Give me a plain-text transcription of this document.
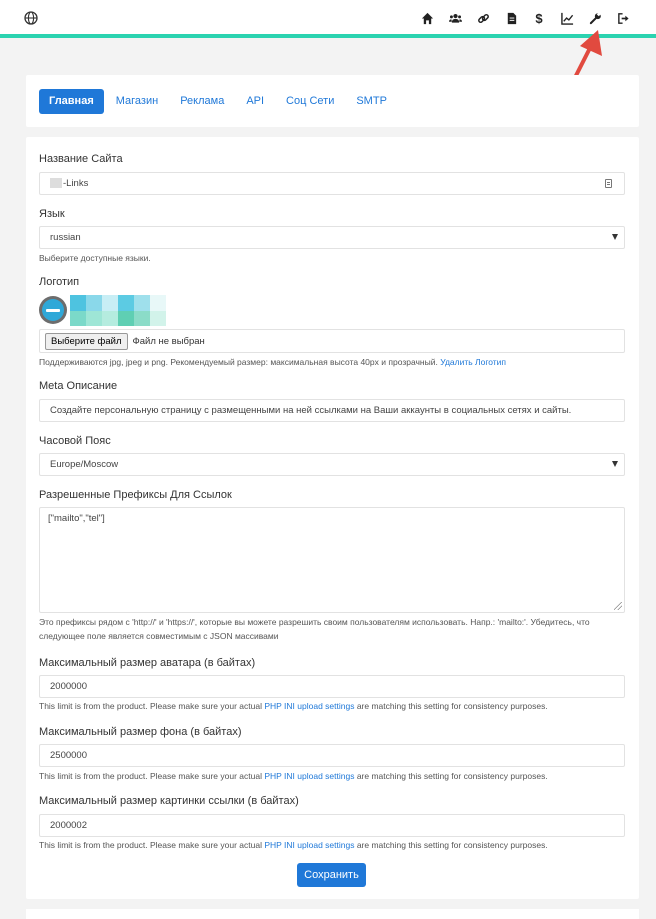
$
Главная	Магазин	Реклама	API	Соц Сети	SMTP
Название Сайта
-Links
Язык
russian
Выберите доступные языки.
Логотип
Выберите файл	Файл не выбран
Поддерживаются jpg, jpeg и png. Рекомендуемый размер: максимальная высота 40px и прозрачный. Удалить Логотип
Meta Описание
Создайте персональную страницу с размещенными на ней ссылками на Ваши аккаунты в социальных сетях и сайты.
Часовой Пояс
Europe/Moscow
Разрешенные Префиксы Для Ссылок
["mailto","tel"]
Это префиксы рядом с 'http://' и 'https://', которые вы можете разрешить своим пользователям использовать. Напр.: 'mailto:'. Убедитесь, что
следующее поле является совместимым с JSON массивами
Максимальный размер аватара (в байтах)
2000000
This limit is from the product. Please make sure your actual PHP INI upload settings are matching this setting for consistency purposes.
Максимальный размер фона (в байтах)
2500000
This limit is from the product. Please make sure your actual PHP INI upload settings are matching this setting for consistency purposes.
Максимальный размер картинки ссылки (в байтах)
2000002
This limit is from the product. Please make sure your actual PHP INI upload settings are matching this setting for consistency purposes.
Сохранить
